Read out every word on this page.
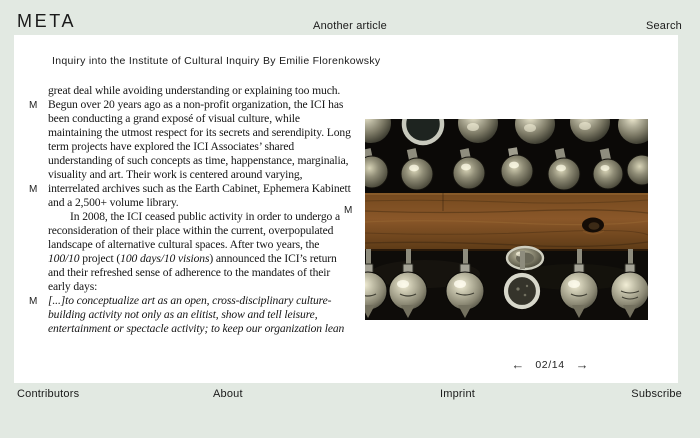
META	Another article	Search
Inquiry into the Institute of Cultural Inquiry By Emilie Florenkowsky
great deal while avoiding understanding or explaining too much.
M Begun over 20 years ago as a non-profit organization, the ICI has
been conducting a grand exposé of visual culture, while
maintaining the utmost respect for its secrets and serendipity. Long
term projects have explored the ICI Associates’ shared
understanding of such concepts as time, happenstance, marginalia,
visuality and art. Their work is centered around varying,
M interrelated archives such as the Earth Cabinet, Ephemera Kabinett
and a 2,500+ volume library.
In 2008, the ICI ceased public activity in order to undergo a
reconsideration of their place within the current, overpopulated
landscape of alternative cultural spaces. After two years, the
100/10 project (100 days/10 visions) announced the ICI’s return
and their refreshed sense of adherence to the mandates of their
early days:
M [...]to conceptualize art as an open, cross-disciplinary culture-
building activity not only as an elitist, show and tell leisure,
entertainment or spectacle activity; to keep our organization lean
M
← 02/14 →
Contributors	About	Imprint	Subscribe
